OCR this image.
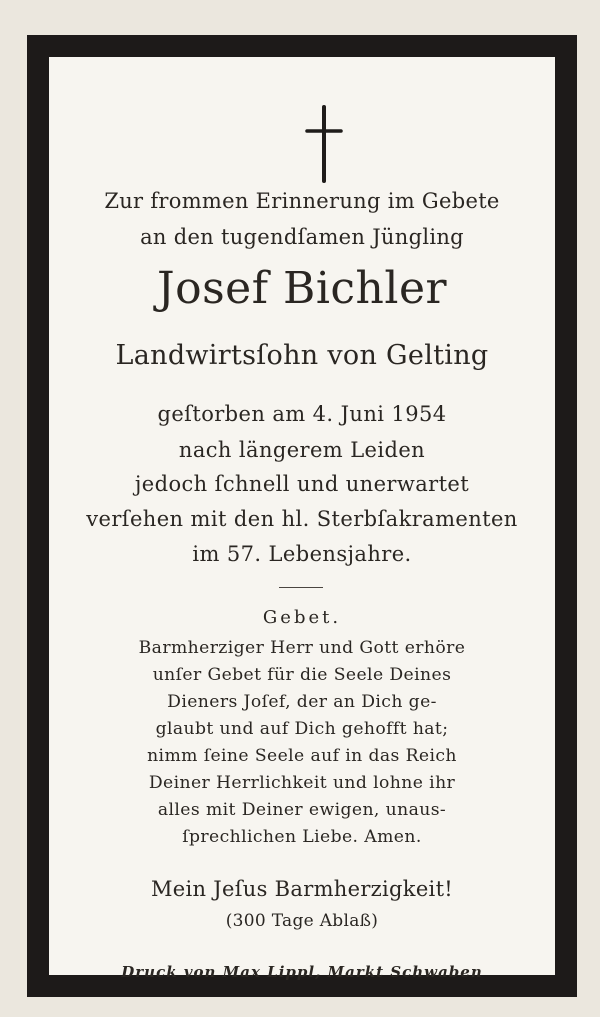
Zur frommen Erinnerung im Gebete
an den tugendſamen Jüngling
Josef Bichler
Landwirtsſohn von Gelting
geſtorben am 4. Juni 1954
nach längerem Leiden
jedoch ſchnell und unerwartet
verſehen mit den hl. Sterbſakramenten
im 57. Lebensjahre.
Gebet.
Barmherziger Herr und Gott erhöre
unſer Gebet für die Seele Deines
Dieners Joſef, der an Dich ge-
glaubt und auf Dich gehofft hat;
nimm ſeine Seele auf in das Reich
Deiner Herrlichkeit und lohne ihr
alles mit Deiner ewigen, unaus-
ſprechlichen Liebe. Amen.
Mein Jeſus Barmherzigkeit!
(300 Tage Ablaß)
Druck von Max Lippl, Markt Schwaben
